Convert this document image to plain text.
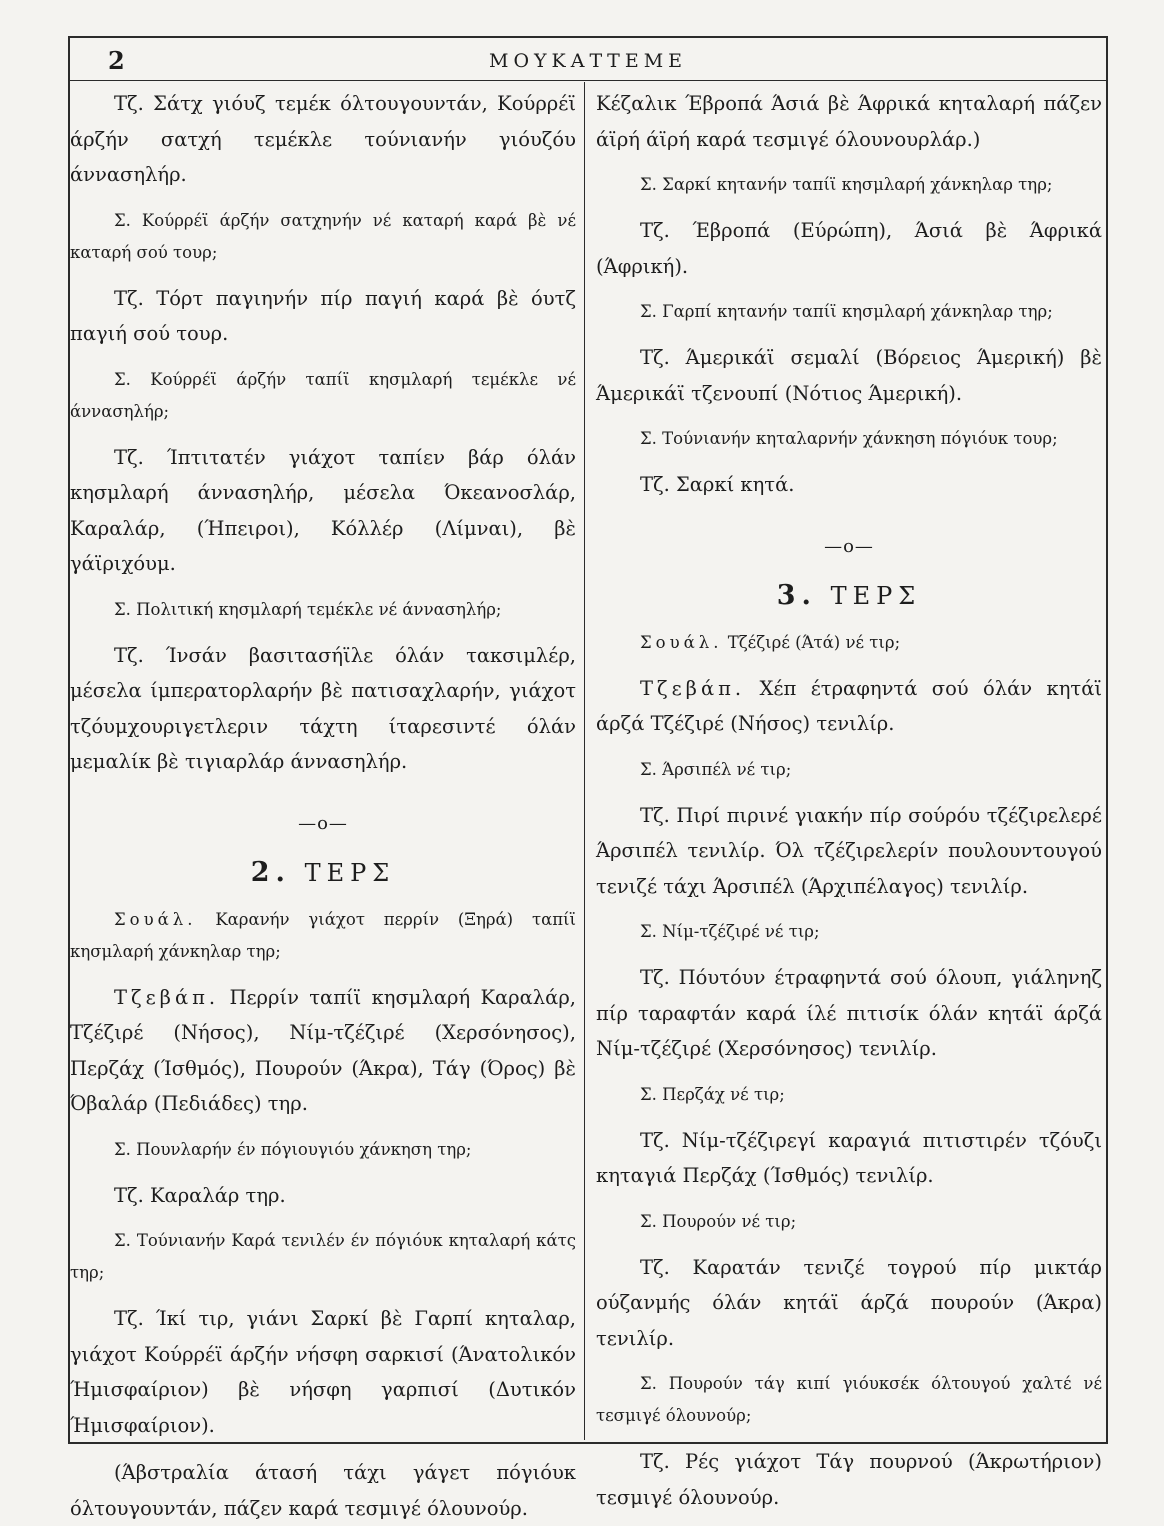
2	ΜΟΥΚΑΤΤΕΜΕ

Τζ. Σάτχ γιόυζ τεμέκ όλτουγουντάν, Κούρρέϊ άρζήν σατχή τεμέκλε τούνιανήν γιόυζόυ άννασηλήρ.

Σ. Κούρρέϊ άρζήν σατχηνήν νέ καταρή καρά βὲ νέ καταρή σού τουρ;

Τζ. Τόρτ παγιηνήν πίρ παγιή καρά βὲ όυτζ παγιή σού τουρ.

Σ. Κούρρέϊ άρζήν ταπίϊ κησμλαρή τεμέκλε νέ άννασηλήρ;

Τζ. Ίπτιτατέν γιάχοτ ταπίεν βάρ όλάν κησμλαρή άννασηλήρ, μέσελα Όκεανοσλάρ, Καραλάρ, (Ήπειροι), Κόλλέρ (Λίμναι), βὲ γάϊριχόυμ.

Σ. Πολιτική κησμλαρή τεμέκλε νέ άννασηλήρ;

Τζ. Ίνσάν βασιτασήϊλε όλάν τακσιμλέρ, μέσελα ίμπερατορλαρήν βὲ πατισαχλαρήν, γιάχοτ τζόυμχουριγετλεριν τάχτη ίταρεσιντέ όλάν μεμαλίκ βὲ τιγιαρλάρ άννασηλήρ.

—ο—
2. ΤΕΡΣ

Σουάλ. Καρανήν γιάχοτ περρίν (Ξηρά) ταπίϊ κησμλαρή χάνκηλαρ τηρ;

Τζεβάπ. Περρίν ταπίϊ κησμλαρή Καραλάρ, Τζέζιρέ (Νήσος), Νίμ-τζέζιρέ (Χερσόνησος), Περζάχ (Ίσθμός), Πουρούν (Άκρα), Τάγ (Όρος) βὲ Όβαλάρ (Πεδιάδες) τηρ.

Σ. Πουνλαρήν έν πόγιουγιόυ χάνκηση τηρ;

Τζ. Καραλάρ τηρ.

Σ. Τούνιανήν Καρά τενιλέν έν πόγιόυκ κηταλαρή κάτς τηρ;

Τζ. Ίκί τιρ, γιάνι Σαρκί βὲ Γαρπί κηταλαρ, γιάχοτ Κούρρέϊ άρζήν νήσφη σαρκισί (Άνατολικόν Ήμισφαίριον) βὲ νήσφη γαρπισί (Δυτικόν Ήμισφαίριον).

(Άβστραλία άτασή τάχι γάγετ πόγιόυκ όλτουγουντάν, πάζεν καρά τεσμιγέ όλουνούρ.

Κέζαλικ Έβροπά Άσιά βὲ Άφρικά κηταλαρή πάζεν άϊρή άϊρή καρά τεσμιγέ όλουνουρλάρ.)

Σ. Σαρκί κητανήν ταπίϊ κησμλαρή χάνκηλαρ τηρ;

Τζ. Έβροπά (Εύρώπη), Άσιά βὲ Άφρικά (Άφρική).

Σ. Γαρπί κητανήν ταπίϊ κησμλαρή χάνκηλαρ τηρ;

Τζ. Άμερικάϊ σεμαλί (Βόρειος Άμερική) βὲ Άμερικάϊ τζενουπί (Νότιος Άμερική).

Σ. Τούνιανήν κηταλαρνήν χάνκηση πόγιόυκ τουρ;

Τζ. Σαρκί κητά.

—ο—
3. ΤΕΡΣ

Σουάλ. Τζέζιρέ (Άτά) νέ τιρ;

Τζεβάπ. Χέπ έτραφηντά σού όλάν κητάϊ άρζά Τζέζιρέ (Νήσος) τενιλίρ.

Σ. Άρσιπέλ νέ τιρ;

Τζ. Πιρί πιρινέ γιακήν πίρ σούρόυ τζέζιρελερέ Άρσιπέλ τενιλίρ. Όλ τζέζιρελερίν πουλουντουγού τενιζέ τάχι Άρσιπέλ (Άρχιπέλαγος) τενιλίρ.

Σ. Νίμ-τζέζιρέ νέ τιρ;

Τζ. Πόυτόυν έτραφηντά σού όλουπ, γιάληνηζ πίρ ταραφτάν καρά ίλέ πιτισίκ όλάν κητάϊ άρζά Νίμ-τζέζιρέ (Χερσόνησος) τενιλίρ.

Σ. Περζάχ νέ τιρ;

Τζ. Νίμ-τζέζιρεγί καραγιά πιτιστιρέν τζόυζι κηταγιά Περζάχ (Ίσθμός) τενιλίρ.

Σ. Πουρούν νέ τιρ;

Τζ. Καρατάν τενιζέ τογρού πίρ μικτάρ ούζανμής όλάν κητάϊ άρζά πουρούν (Άκρα) τενιλίρ.

Σ. Πουρούν τάγ κιπί γιόυκσέκ όλτουγού χαλτέ νέ τεσμιγέ όλουνούρ;

Τζ. Ρές γιάχοτ Τάγ πουρνού (Άκρωτήριον) τεσμιγέ όλουνούρ.
